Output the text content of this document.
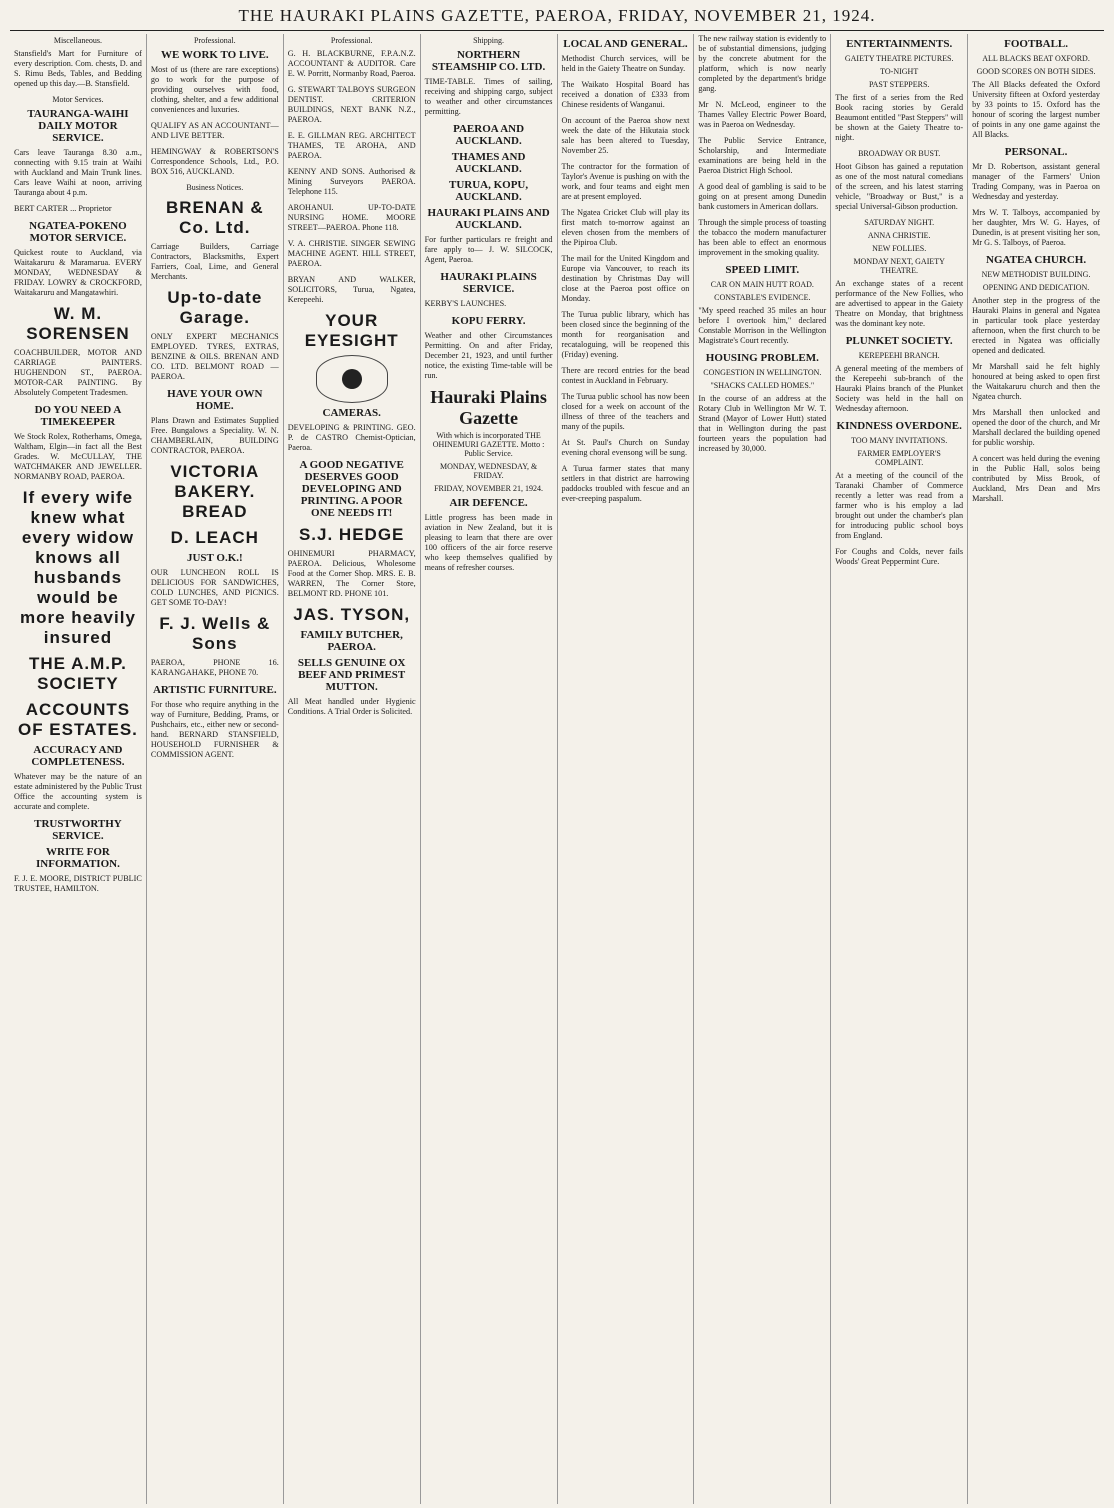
THE HAURAKI PLAINS GAZETTE, PAEROA, FRIDAY, NOVEMBER 21, 1924.
Miscellaneous.

Stansfield's Mart for Furniture of every description. Com. chests, D. and S. Rimu Beds, Tables, and Bedding opened up this day.—B. Stansfield.

Motor Services.
TAURANGA-WAIHI DAILY MOTOR SERVICE.

Cars leave Tauranga 8.30 a.m., connecting with 9.15 train at Waihi with Auckland and Main Trunk lines. Cars leave Waihi at noon, arriving Tauranga about 4 p.m.

BERT CARTER ... Proprietor

NGATEA-POKENO MOTOR SERVICE.

Quickest route to Auckland, via Waitakaruru & Maramarua. EVERY MONDAY, WEDNESDAY & FRIDAY. LOWRY & CROCKFORD, Waitakaruru and Mangatawhiri.

W. M. SORENSEN

COACHBUILDER, MOTOR AND CARRIAGE PAINTERS. HUGHENDON ST., PAEROA. MOTOR-CAR PAINTING. By Absolutely Competent Tradesmen.

DO YOU NEED A TIMEKEEPER

We Stock Rolex, Rotherhams, Omega, Waltham, Elgin—in fact all the Best Grades. W. McCULLAY, THE WATCHMAKER AND JEWELLER. NORMANBY ROAD, PAEROA.

If every wife knew what every widow knows all husbands would be more heavily insured
THE A.M.P. SOCIETY
ACCOUNTS OF ESTATES.
ACCURACY AND COMPLETENESS.

Whatever may be the nature of an estate administered by the Public Trust Office the accounting system is accurate and complete.

TRUSTWORTHY SERVICE.
WRITE FOR INFORMATION.

F. J. E. MOORE, DISTRICT PUBLIC TRUSTEE, HAMILTON.

Professional.
WE WORK TO LIVE.

Most of us (there are rare exceptions) go to work for the purpose of providing ourselves with food, clothing, shelter, and a few additional conveniences and luxuries.

QUALIFY AS AN ACCOUNTANT—AND LIVE BETTER.

HEMINGWAY & ROBERTSON'S Correspondence Schools, Ltd., P.O. BOX 516, AUCKLAND.

Business Notices.
BRENAN & Co. Ltd.

Carriage Builders, Carriage Contractors, Blacksmiths, Expert Farriers, Coal, Lime, and General Merchants.

Up-to-date Garage.

ONLY EXPERT MECHANICS EMPLOYED. TYRES, EXTRAS, BENZINE & OILS. BRENAN AND CO. LTD. BELMONT ROAD — PAEROA.

HAVE YOUR OWN HOME.

Plans Drawn and Estimates Supplied Free. Bungalows a Speciality. W. N. CHAMBERLAIN, BUILDING CONTRACTOR, PAEROA.

VICTORIA BAKERY. BREAD
D. LEACH
JUST O.K.!

OUR LUNCHEON ROLL IS DELICIOUS FOR SANDWICHES, COLD LUNCHES, AND PICNICS. GET SOME TO-DAY!

F. J. Wells & Sons

PAEROA, PHONE 16. KARANGAHAKE, PHONE 70.

ARTISTIC FURNITURE.

For those who require anything in the way of Furniture, Bedding, Prams, or Pushchairs, etc., either new or second-hand. BERNARD STANSFIELD, HOUSEHOLD FURNISHER & COMMISSION AGENT.

Professional.

G. H. BLACKBURNE, F.P.A.N.Z. ACCOUNTANT & AUDITOR. Care E. W. Porritt, Normanby Road, Paeroa.

G. STEWART TALBOYS SURGEON DENTIST. CRITERION BUILDINGS, NEXT BANK N.Z., PAEROA.

E. E. GILLMAN REG. ARCHITECT THAMES, TE AROHA, AND PAEROA.

KENNY AND SONS. Authorised & Mining Surveyors PAEROA. Telephone 115.

AROHANUI. UP-TO-DATE NURSING HOME. MOORE STREET—PAEROA. Phone 118.

V. A. CHRISTIE. SINGER SEWING MACHINE AGENT. HILL STREET, PAEROA.

BRYAN AND WALKER, SOLICITORS, Turua, Ngatea, Kerepeehi.

YOUR EYESIGHT
CAMERAS.

DEVELOPING & PRINTING. GEO. P. de CASTRO Chemist-Optician, Paeroa.

A GOOD NEGATIVE DESERVES GOOD DEVELOPING AND PRINTING. A POOR ONE NEEDS IT!
S.J. HEDGE

OHINEMURI PHARMACY, PAEROA. Delicious, Wholesome Food at the Corner Shop. MRS. E. B. WARREN, The Corner Store, BELMONT RD. PHONE 101.

JAS. TYSON,
FAMILY BUTCHER, PAEROA.
SELLS GENUINE OX BEEF AND PRIMEST MUTTON.

All Meat handled under Hygienic Conditions. A Trial Order is Solicited.

Shipping.
NORTHERN STEAMSHIP CO. LTD.

TIME-TABLE. Times of sailing, receiving and shipping cargo, subject to weather and other circumstances permitting.

PAEROA AND AUCKLAND.
THAMES AND AUCKLAND.
TURUA, KOPU, AUCKLAND.
HAURAKI PLAINS AND AUCKLAND.

For further particulars re freight and fare apply to— J. W. SILCOCK, Agent, Paeroa.

HAURAKI PLAINS SERVICE.

KERBY'S LAUNCHES.

KOPU FERRY.

Weather and other Circumstances Permitting. On and after Friday, December 21, 1923, and until further notice, the existing Time-table will be run.

Hauraki Plains Gazette
With which is incorporated THE OHINEMURI GAZETTE. Motto : Public Service.
MONDAY, WEDNESDAY, & FRIDAY.
FRIDAY, NOVEMBER 21, 1924.
AIR DEFENCE.

Little progress has been made in aviation in New Zealand, but it is pleasing to learn that there are over 100 officers of the air force reserve who keep themselves qualified by means of refresher courses.

LOCAL AND GENERAL.

Methodist Church services, will be held in the Gaiety Theatre on Sunday.

The Waikato Hospital Board has received a donation of £333 from Chinese residents of Wanganui.

On account of the Paeroa show next week the date of the Hikutaia stock sale has been altered to Tuesday, November 25.

The contractor for the formation of Taylor's Avenue is pushing on with the work, and four teams and eight men are at present employed.

The Ngatea Cricket Club will play its first match to-morrow against an eleven chosen from the members of the Pipiroa Club.

The mail for the United Kingdom and Europe via Vancouver, to reach its destination by Christmas Day will close at the Paeroa post office on Monday.

The Turua public library, which has been closed since the beginning of the month for reorganisation and recataloguing, will be reopened this (Friday) evening.

There are record entries for the bead contest in Auckland in February.

The Turua public school has now been closed for a week on account of the illness of three of the teachers and many of the pupils.

At St. Paul's Church on Sunday evening choral evensong will be sung.

A Turua farmer states that many settlers in that district are harrowing paddocks troubled with fescue and an ever-creeping paspalum.

The new railway station is evidently to be of substantial dimensions, judging by the concrete abutment for the platform, which is now nearly completed by the department's bridge gang.

Mr N. McLeod, engineer to the Thames Valley Electric Power Board, was in Paeroa on Wednesday.

The Public Service Entrance, Scholarship, and Intermediate examinations are being held in the Paeroa District High School.

A good deal of gambling is said to be going on at present among Dunedin bank customers in American dollars.

Through the simple process of toasting the tobacco the modern manufacturer has been able to effect an enormous improvement in the smoking quality.

SPEED LIMIT.
CAR ON MAIN HUTT ROAD.
CONSTABLE'S EVIDENCE.

"My speed reached 35 miles an hour before I overtook him," declared Constable Morrison in the Wellington Magistrate's Court recently.

HOUSING PROBLEM.
CONGESTION IN WELLINGTON.
"SHACKS CALLED HOMES."

In the course of an address at the Rotary Club in Wellington Mr W. T. Strand (Mayor of Lower Hutt) stated that in Wellington during the past fourteen years the population had increased by 30,000.

ENTERTAINMENTS.
GAIETY THEATRE PICTURES.
TO-NIGHT
PAST STEPPERS.

The first of a series from the Red Book racing stories by Gerald Beaumont entitled "Past Steppers" will be shown at the Gaiety Theatre to-night.

BROADWAY OR BUST.

Hoot Gibson has gained a reputation as one of the most natural comedians of the screen, and his latest starring vehicle, "Broadway or Bust," is a special Universal-Gibson production.

SATURDAY NIGHT.
ANNA CHRISTIE.
NEW FOLLIES.
MONDAY NEXT, GAIETY THEATRE.

An exchange states of a recent performance of the New Follies, who are advertised to appear in the Gaiety Theatre on Monday, that brightness was the dominant key note.

PLUNKET SOCIETY.
KEREPEEHI BRANCH.

A general meeting of the members of the Kerepeehi sub-branch of the Hauraki Plains branch of the Plunket Society was held in the hall on Wednesday afternoon.

KINDNESS OVERDONE.
TOO MANY INVITATIONS.
FARMER EMPLOYER'S COMPLAINT.

At a meeting of the council of the Taranaki Chamber of Commerce recently a letter was read from a farmer who is his employ a lad brought out under the chamber's plan for introducing public school boys from England.

For Coughs and Colds, never fails Woods' Great Peppermint Cure.

FOOTBALL.
ALL BLACKS BEAT OXFORD.
GOOD SCORES ON BOTH SIDES.

The All Blacks defeated the Oxford University fifteen at Oxford yesterday by 33 points to 15. Oxford has the honour of scoring the largest number of points in any one game against the All Blacks.

PERSONAL.

Mr D. Robertson, assistant general manager of the Farmers' Union Trading Company, was in Paeroa on Wednesday and yesterday.

Mrs W. T. Talboys, accompanied by her daughter, Mrs W. G. Hayes, of Dunedin, is at present visiting her son, Mr G. S. Talboys, of Paeroa.

NGATEA CHURCH.
NEW METHODIST BUILDING.
OPENING AND DEDICATION.

Another step in the progress of the Hauraki Plains in general and Ngatea in particular took place yesterday afternoon, when the first church to be erected in Ngatea was officially opened and dedicated.

Mr Marshall said he felt highly honoured at being asked to open first the Waitakaruru church and then the Ngatea church.

Mrs Marshall then unlocked and opened the door of the church, and Mr Marshall declared the building opened for public worship.

A concert was held during the evening in the Public Hall, solos being contributed by Miss Brook, of Auckland, Mrs Dean and Mrs Marshall.
